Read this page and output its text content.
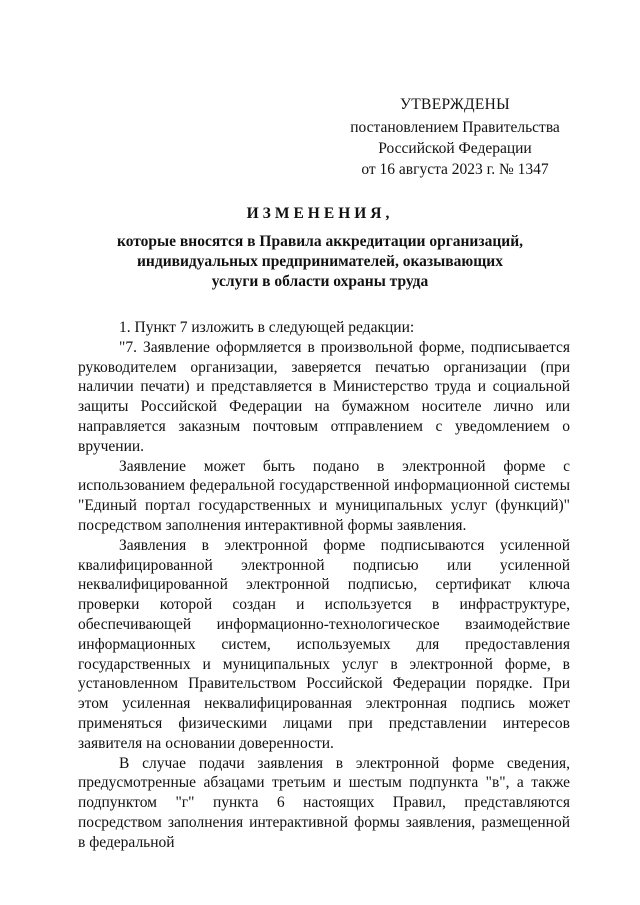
УТВЕРЖДЕНЫ
постановлением Правительства
Российской Федерации
от 16 августа 2023 г. № 1347
ИЗМЕНЕНИЯ,
которые вносятся в Правила аккредитации организаций,
индивидуальных предпринимателей, оказывающих
услуги в области охраны труда

1. Пункт 7 изложить в следующей редакции:

"7. Заявление оформляется в произвольной форме, подписывается руководителем организации, заверяется печатью организации (при наличии печати) и представляется в Министерство труда и социальной защиты Российской Федерации на бумажном носителе лично или направляется заказным почтовым отправлением с уведомлением о вручении.

Заявление может быть подано в электронной форме с использованием федеральной государственной информационной системы "Единый портал государственных и муниципальных услуг (функций)" посредством заполнения интерактивной формы заявления.

Заявления в электронной форме подписываются усиленной квалифицированной электронной подписью или усиленной неквалифицированной электронной подписью, сертификат ключа проверки которой создан и используется в инфраструктуре, обеспечивающей информационно-технологическое взаимодействие информационных систем, используемых для предоставления государственных и муниципальных услуг в электронной форме, в установленном Правительством Российской Федерации порядке. При этом усиленная неквалифицированная электронная подпись может применяться физическими лицами при представлении интересов заявителя на основании доверенности.

В случае подачи заявления в электронной форме сведения, предусмотренные абзацами третьим и шестым подпункта "в", а также подпунктом "г" пункта 6 настоящих Правил, представляются посредством заполнения интерактивной формы заявления, размещенной в федеральной
